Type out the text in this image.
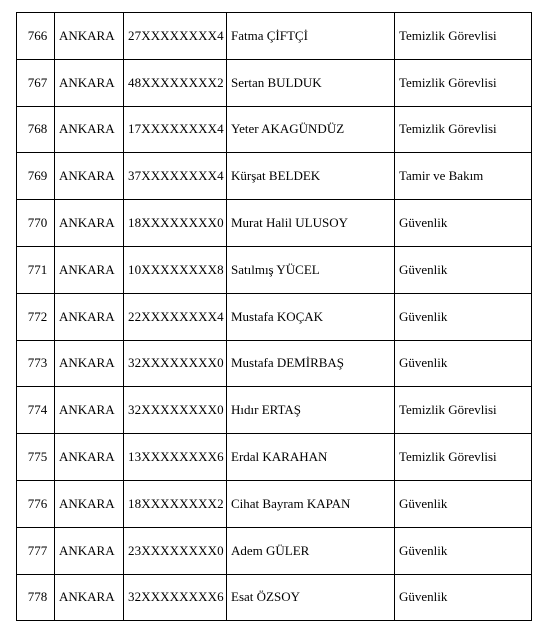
766	ANKARA	27XXXXXXXX4	Fatma ÇİFTÇİ	Temizlik Görevlisi
767	ANKARA	48XXXXXXXX2	Sertan BULDUK	Temizlik Görevlisi
768	ANKARA	17XXXXXXXX4	Yeter AKAGÜNDÜZ	Temizlik Görevlisi
769	ANKARA	37XXXXXXXX4	Kürşat BELDEK	Tamir ve Bakım
770	ANKARA	18XXXXXXXX0	Murat Halil ULUSOY	Güvenlik
771	ANKARA	10XXXXXXXX8	Satılmış YÜCEL	Güvenlik
772	ANKARA	22XXXXXXXX4	Mustafa KOÇAK	Güvenlik
773	ANKARA	32XXXXXXXX0	Mustafa DEMİRBAŞ	Güvenlik
774	ANKARA	32XXXXXXXX0	Hıdır ERTAŞ	Temizlik Görevlisi
775	ANKARA	13XXXXXXXX6	Erdal KARAHAN	Temizlik Görevlisi
776	ANKARA	18XXXXXXXX2	Cihat Bayram KAPAN	Güvenlik
777	ANKARA	23XXXXXXXX0	Adem GÜLER	Güvenlik
778	ANKARA	32XXXXXXXX6	Esat ÖZSOY	Güvenlik
